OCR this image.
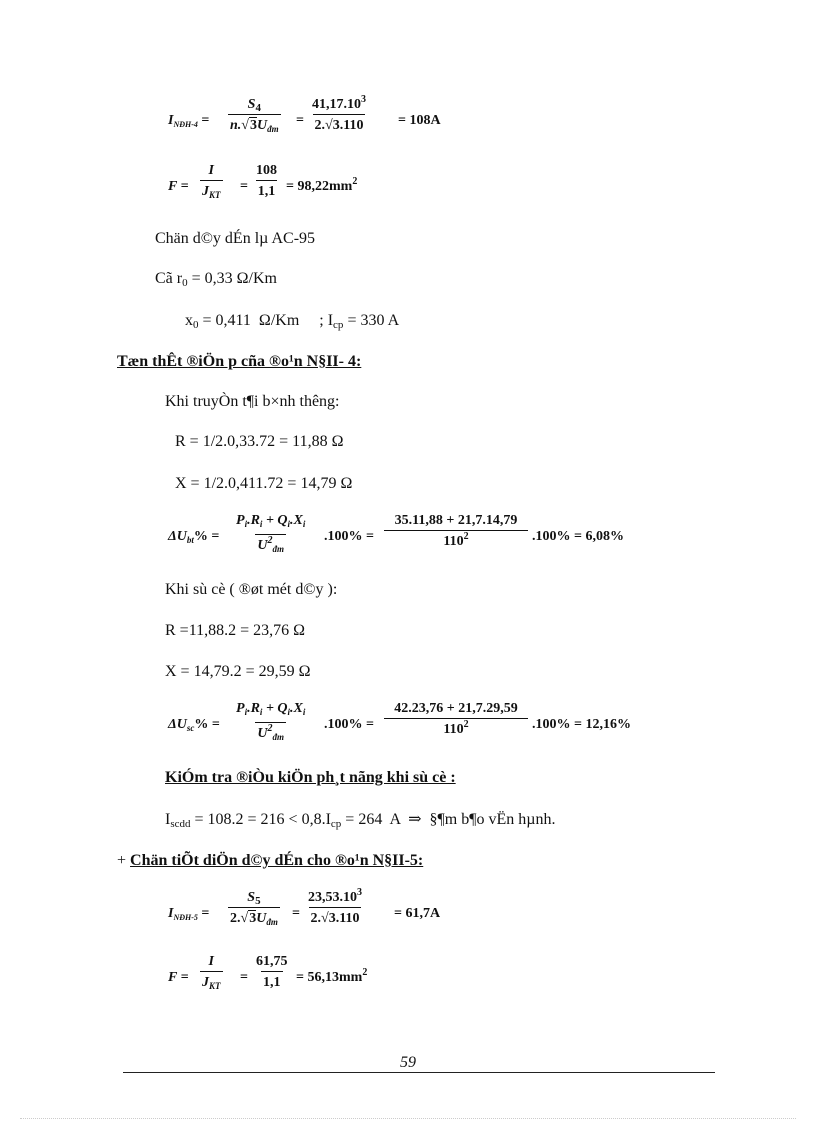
$I_{NĐH-4}$ =
$S_4$
$n.√3U_{đm}$
= $\frac{41,17.10^3}{2.√3.110} = 108A$
F =
I
$J_{KT}$
= $\frac{108}{1,1} = 98,22mm^2$
Chän d©y dÉn lµ AC-95
Cã $r_0 = 0,33$ Ω/Km
$x_0 = 0,411$  Ω/Km     ; $I_{cp} = 330$ A
Tæn thÊt ®iÖn p cña ®o¹n N§II- 4:
Khi truyÒn t¶i b×nh thêng:
R = 1/2.0,33.72 = 11,88 Ω
X = 1/2.0,411.72 = 14,79 Ω
$\Delta U_{bt}\% = \frac{P_i.R_i + Q_i.X_i}{U^2_{đm}} .100\% = \frac{35.11,88 + 21,7.14,79}{110^2} .100\% = 6,08\%$
Khi sù cè ( ®øt mét d©y ):
R =11,88.2 = 23,76 Ω
X = 14,79.2 = 29,59 Ω
$\Delta U_{sc}\% = \frac{P_i.R_i + Q_i.X_i}{U^2_{đm}} .100\% = \frac{42.23,76 + 21,7.29,59}{110^2} .100\% = 12,16\%$
KiÓm tra ®iÒu kiÖn ph¸t nãng khi sù cè :
$I_{scdd} = 108.2 = 216 < 0,8.I_{cp} = 264$  A  ⇒  §¶m b¶o vËn hµnh.
+ Chän tiÕt diÖn d©y dÉn cho ®o¹n N§II-5:
$I_{NĐH-5}$ =
$S_5$
$2.√3U_{đm}$
= $\frac{23,53.10^3}{2.√3.110} = 61,7A$
F =
I
$J_{KT}$
= $\frac{61,75}{1,1} = 56,13mm^2$
59
